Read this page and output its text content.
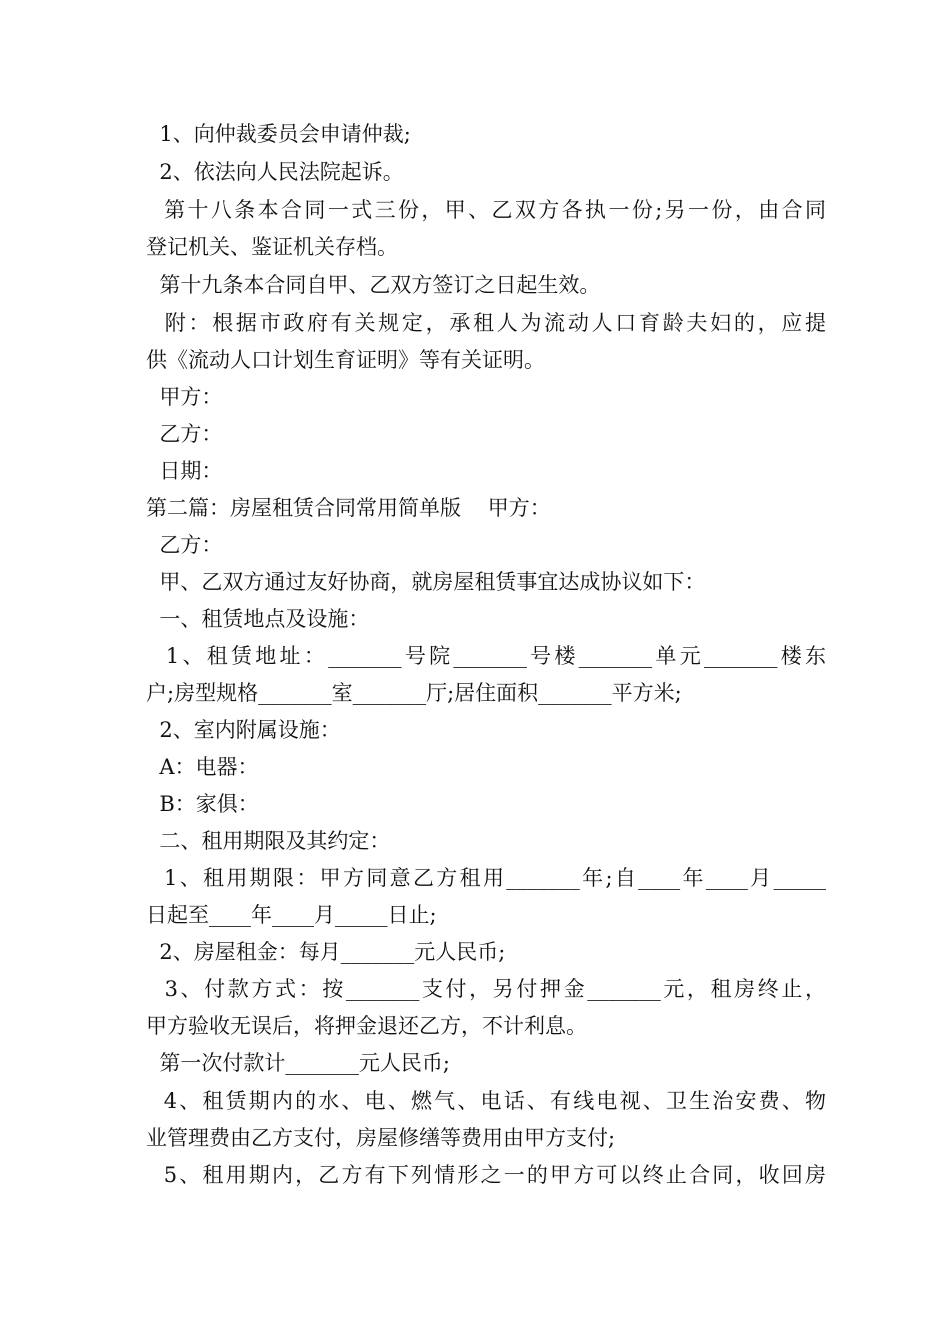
1、向仲裁委员会申请仲裁;
2、依法向人民法院起诉。
第十八条本合同一式三份，甲、乙双方各执一份;另一份，由合同
登记机关、鉴证机关存档。
第十九条本合同自甲、乙双方签订之日起生效。
附：根据市政府有关规定，承租人为流动人口育龄夫妇的，应提
供《流动人口计划生育证明》等有关证明。
甲方：
乙方：
日期：
第二篇：房屋租赁合同常用简单版    甲方：
乙方：
甲、乙双方通过友好协商，就房屋租赁事宜达成协议如下：
一、租赁地点及设施：
1、租赁地址：_______号院_______号楼_______单元_______楼东
户;房型规格_______室_______厅;居住面积_______平方米;
2、室内附属设施：
A：电器：
B：家俱：
二、租用期限及其约定：
1、租用期限：甲方同意乙方租用_______年;自____年____月_____
日起至____年____月_____日止;
2、房屋租金：每月_______元人民币;
3、付款方式：按_______支付，另付押金_______元，租房终止，
甲方验收无误后，将押金退还乙方，不计利息。
第一次付款计_______元人民币;
4、租赁期内的水、电、燃气、电话、有线电视、卫生治安费、物
业管理费由乙方支付，房屋修缮等费用由甲方支付;
5、租用期内，乙方有下列情形之一的甲方可以终止合同，收回房
